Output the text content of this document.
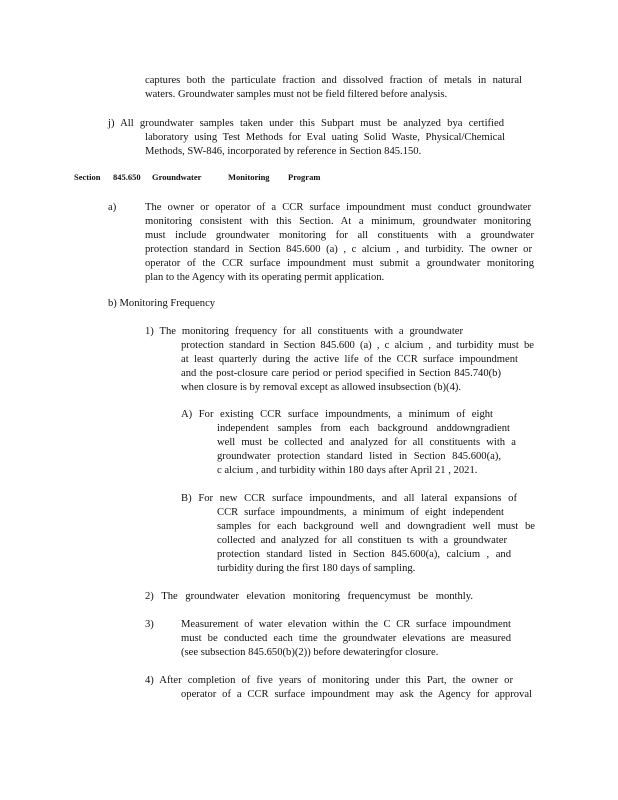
captures both the particulate fraction and dissolved fraction of metals in natural
waters. Groundwater samples must not be field filtered before analysis.
j) All groundwater samples taken under this Subpart must be analyzed bya certified
laboratory using Test Methods for Eval uating Solid Waste, Physical/Chemical
Methods, SW-846, incorporated by reference in Section 845.150.
Section 845.650 Groundwater	Monitoring Program
a)	The owner or operator of a CCR surface impoundment must conduct groundwater
monitoring consistent with this Section. At a minimum, groundwater monitoring
must include groundwater monitoring for all constituents with a groundwater
protection standard in Section 845.600 (a) , c alcium , and turbidity. The owner or
operator of the CCR surface impoundment must submit a groundwater monitoring
plan to the Agency with its operating permit application.
b) Monitoring Frequency
1) The monitoring frequency for all constituents with a groundwater
protection standard in Section 845.600 (a) , c alcium , and turbidity must be
at least quarterly during the active life of the CCR surface impoundment
and the post-closure care period or period specified in Section 845.740(b)
when closure is by removal except as allowed insubsection (b)(4).
A) For existing CCR surface impoundments, a minimum of eight
independent samples from each background anddowngradient
well must be collected and analyzed for all constituents with a
groundwater protection standard listed in Section 845.600(a),
c alcium , and turbidity within 180 days after April 21 , 2021.
B) For new CCR surface impoundments, and all lateral expansions of
CCR surface impoundments, a minimum of eight independent
samples for each background well and downgradient well must be
collected and analyzed for all constituen ts with a groundwater
protection standard listed in Section 845.600(a), calcium , and
turbidity during the first 180 days of sampling.
2) The groundwater elevation monitoring frequencymust be monthly.
3)	Measurement of water elevation within the C CR surface impoundment
must be conducted each time the groundwater elevations are measured
(see subsection 845.650(b)(2)) before dewateringfor closure.
4) After completion of five years of monitoring under this Part, the owner or
operator of a CCR surface impoundment may ask the Agency for approval
